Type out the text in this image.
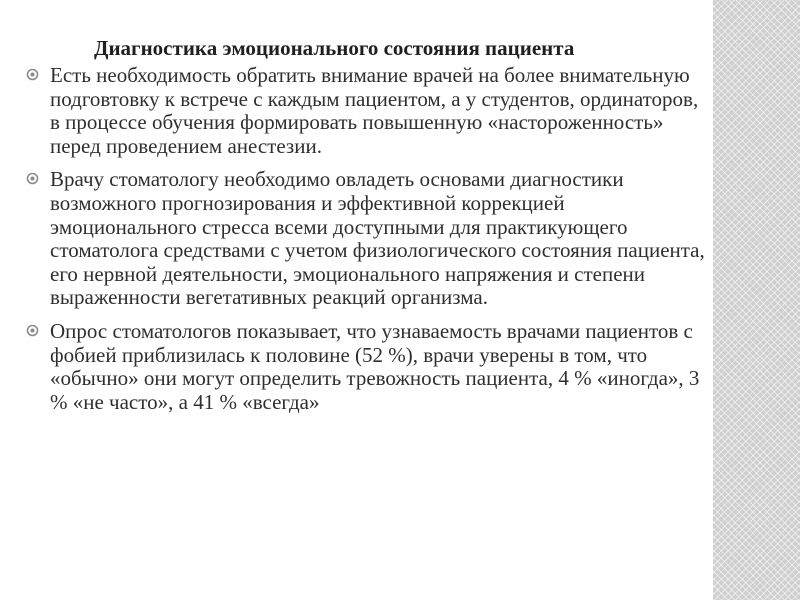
Диагностика эмоционального состояния пациента
Есть необходимость обратить внимание врачей на более внимательную подговтовку к встрече с каждым пациентом, а у студентов, ординаторов, в процессе обучения формировать повышенную «настороженность» перед проведением анестезии.
Врачу стоматологу необходимо овладеть основами диагностики возможного прогнозирования и эффективной коррекцией эмоционального стресса всеми доступными для практикующего стоматолога средствами с учетом физиологического состояния пациента, его нервной деятельности, эмоционального напряжения и степени выраженности вегетативных реакций организма.
Опрос стоматологов показывает, что узнаваемость врачами пациентов с фобией приблизилась к половине (52 %), врачи уверены в том, что «обычно» они могут определить тревожность пациента, 4 % «иногда», 3 % «не часто», а 41 % «всегда»
